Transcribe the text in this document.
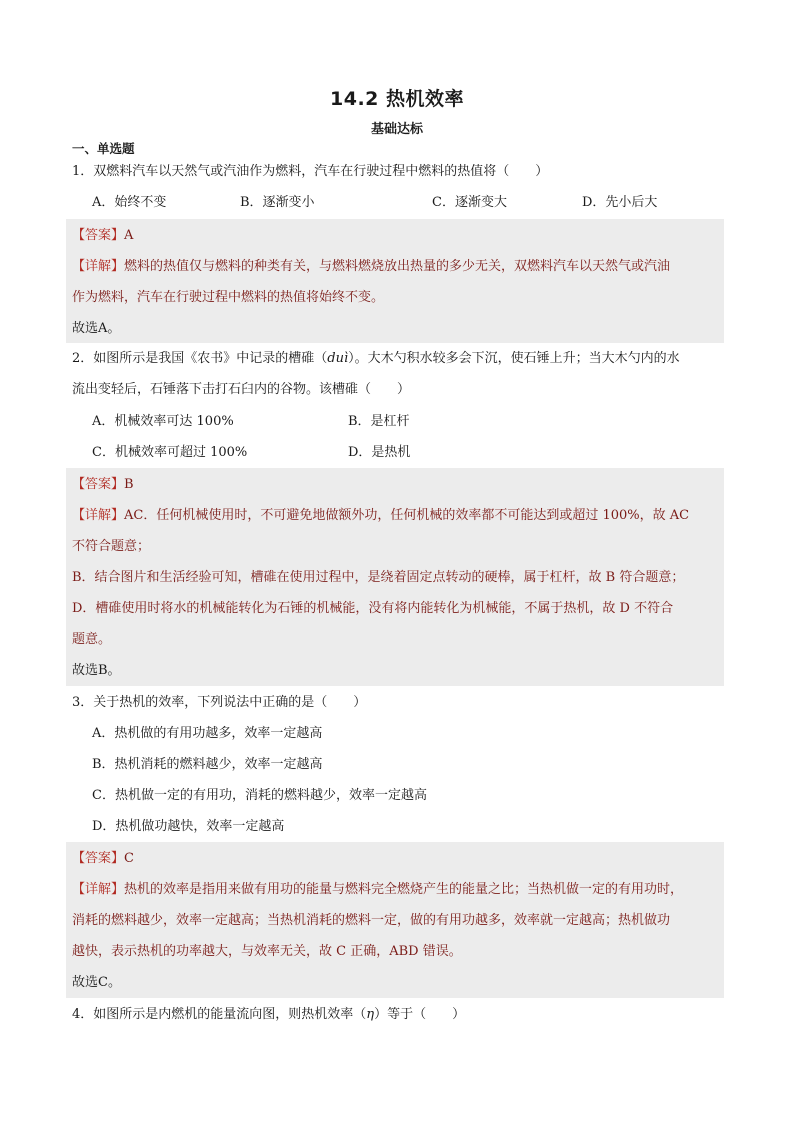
14.2 热机效率
基础达标
一、单选题
1．双燃料汽车以天然气或汽油作为燃料，汽车在行驶过程中燃料的热值将（　　）
A．始终不变	B．逐渐变小	C．逐渐变大	D．先小后大
【答案】A
【详解】燃料的热值仅与燃料的种类有关，与燃料燃烧放出热量的多少无关，双燃料汽车以天然气或汽油
作为燃料，汽车在行驶过程中燃料的热值将始终不变。
故选A。
2．如图所示是我国《农书》中记录的槽碓（duì）。大木勺积水较多会下沉，使石锤上升；当大木勺内的水
流出变轻后，石锤落下击打石臼内的谷物。该槽碓（　　）
A．机械效率可达 100%	B．是杠杆
C．机械效率可超过 100%	D．是热机
【答案】B
【详解】AC．任何机械使用时，不可避免地做额外功，任何机械的效率都不可能达到或超过 100%，故 AC
不符合题意；
B．结合图片和生活经验可知，槽碓在使用过程中，是绕着固定点转动的硬棒，属于杠杆，故 B 符合题意；
D．槽碓使用时将水的机械能转化为石锤的机械能，没有将内能转化为机械能，不属于热机，故 D 不符合
题意。
故选B。
3．关于热机的效率，下列说法中正确的是（　　）
A．热机做的有用功越多，效率一定越高
B．热机消耗的燃料越少，效率一定越高
C．热机做一定的有用功，消耗的燃料越少，效率一定越高
D．热机做功越快，效率一定越高
【答案】C
【详解】热机的效率是指用来做有用功的能量与燃料完全燃烧产生的能量之比；当热机做一定的有用功时，
消耗的燃料越少，效率一定越高；当热机消耗的燃料一定，做的有用功越多，效率就一定越高；热机做功
越快，表示热机的功率越大，与效率无关，故 C 正确，ABD 错误。
故选C。
4．如图所示是内燃机的能量流向图，则热机效率（η）等于（　　）
